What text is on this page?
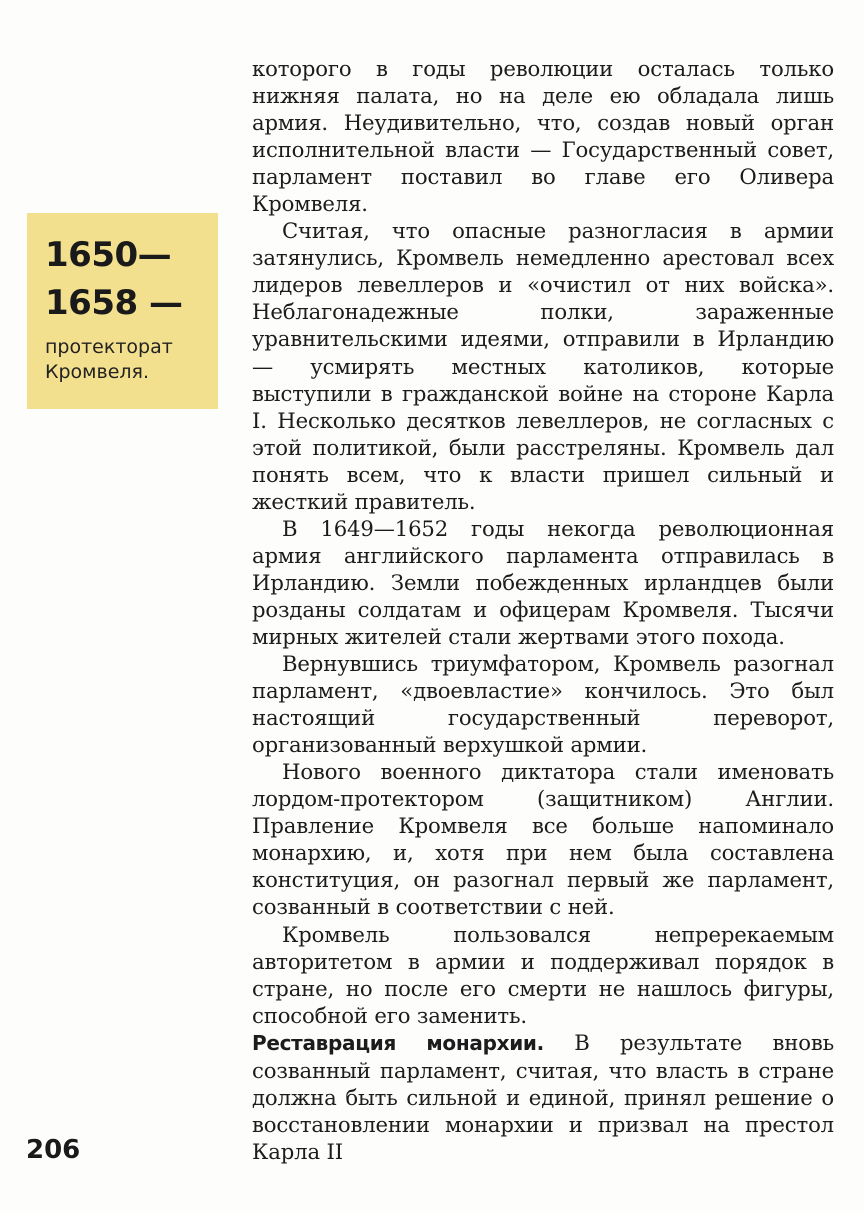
1650—
1658 —
протекторат Кромвеля.

которого в годы революции осталась только нижняя палата, но на деле ею обладала лишь армия. Неудивительно, что, создав новый орган исполнительной власти — Государственный совет, парламент поставил во главе его Оливера Кромвеля.

Считая, что опасные разногласия в армии затянулись, Кромвель немедленно арестовал всех лидеров левеллеров и «очистил от них войска». Неблагонадежные полки, зараженные уравнительскими идеями, отправили в Ирландию — усмирять местных католиков, которые выступили в гражданской войне на стороне Карла I. Несколько десятков левеллеров, не согласных с этой политикой, были расстреляны. Кромвель дал понять всем, что к власти пришел сильный и жесткий правитель.

В 1649—1652 годы некогда революционная армия английского парламента отправилась в Ирландию. Земли побежденных ирландцев были розданы солдатам и офицерам Кромвеля. Тысячи мирных жителей стали жертвами этого похода.

Вернувшись триумфатором, Кромвель разогнал парламент, «двоевластие» кончилось. Это был настоящий государственный переворот, организованный верхушкой армии.

Нового военного диктатора стали именовать лордом-протектором (защитником) Англии. Правление Кромвеля все больше напоминало монархию, и, хотя при нем была составлена конституция, он разогнал первый же парламент, созванный в соответствии с ней.

Кромвель пользовался непререкаемым авторитетом в армии и поддерживал порядок в стране, но после его смерти не нашлось фигуры, способной его заменить.

Реставрация монархии. В результате вновь созванный парламент, считая, что власть в стране должна быть сильной и единой, принял решение о восстановлении монархии и призвал на престол Карла II

206
